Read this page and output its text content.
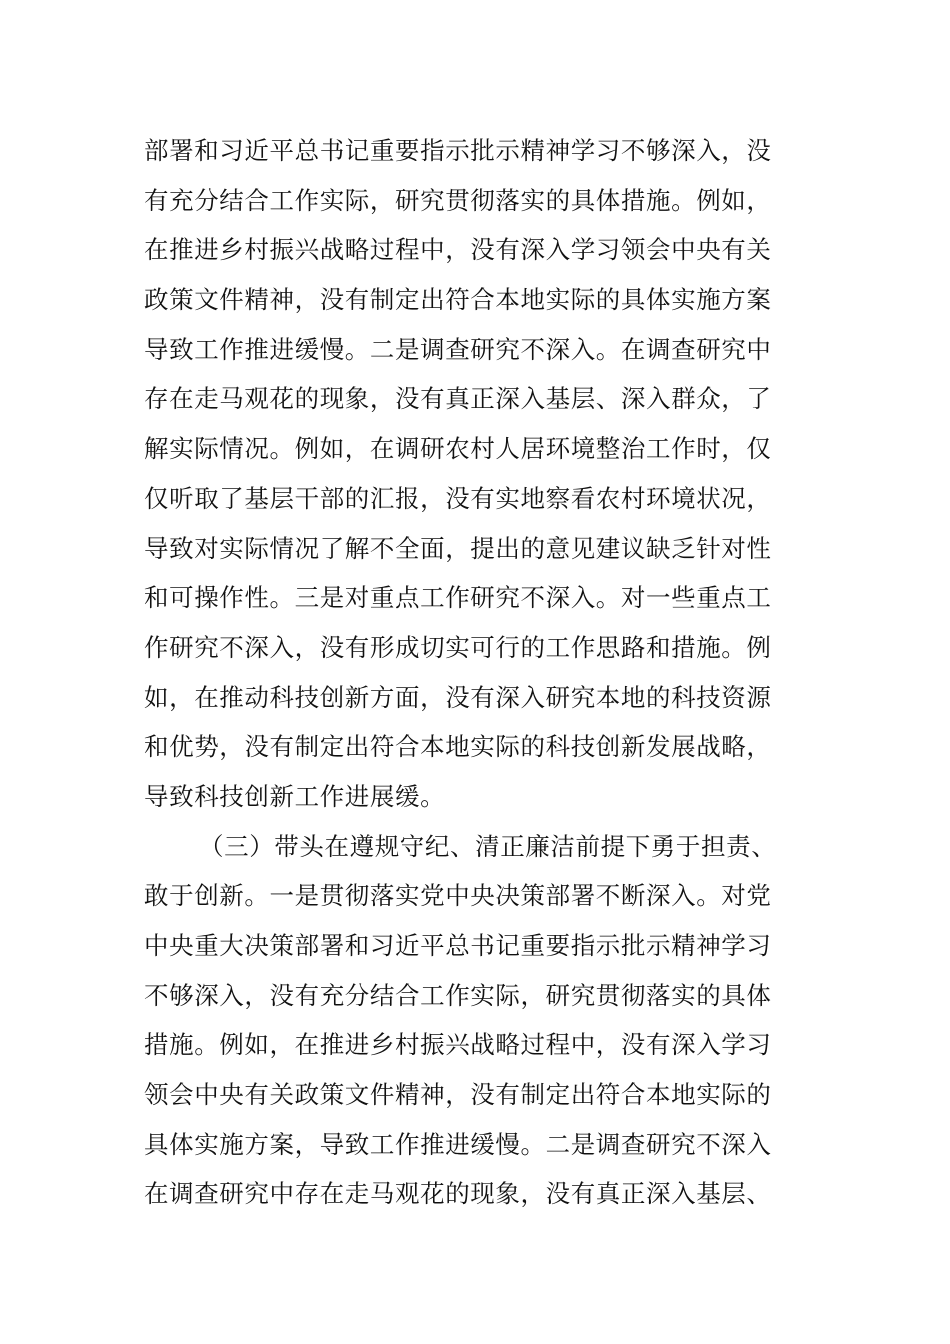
部署和习近平总书记重要指示批示精神学习不够深入，没
有充分结合工作实际，研究贯彻落实的具体措施。例如，
在推进乡村振兴战略过程中，没有深入学习领会中央有关
政策文件精神，没有制定出符合本地实际的具体实施方案
导致工作推进缓慢。二是调查研究不深入。在调查研究中
存在走马观花的现象，没有真正深入基层、深入群众，了
解实际情况。例如，在调研农村人居环境整治工作时，仅
仅听取了基层干部的汇报，没有实地察看农村环境状况，
导致对实际情况了解不全面，提出的意见建议缺乏针对性
和可操作性。三是对重点工作研究不深入。对一些重点工
作研究不深入，没有形成切实可行的工作思路和措施。例
如，在推动科技创新方面，没有深入研究本地的科技资源
和优势，没有制定出符合本地实际的科技创新发展战略，
导致科技创新工作进展缓。
（三）带头在遵规守纪、清正廉洁前提下勇于担责、
敢于创新。一是贯彻落实党中央决策部署不断深入。对党
中央重大决策部署和习近平总书记重要指示批示精神学习
不够深入，没有充分结合工作实际，研究贯彻落实的具体
措施。例如，在推进乡村振兴战略过程中，没有深入学习
领会中央有关政策文件精神，没有制定出符合本地实际的
具体实施方案，导致工作推进缓慢。二是调查研究不深入
在调查研究中存在走马观花的现象，没有真正深入基层、
